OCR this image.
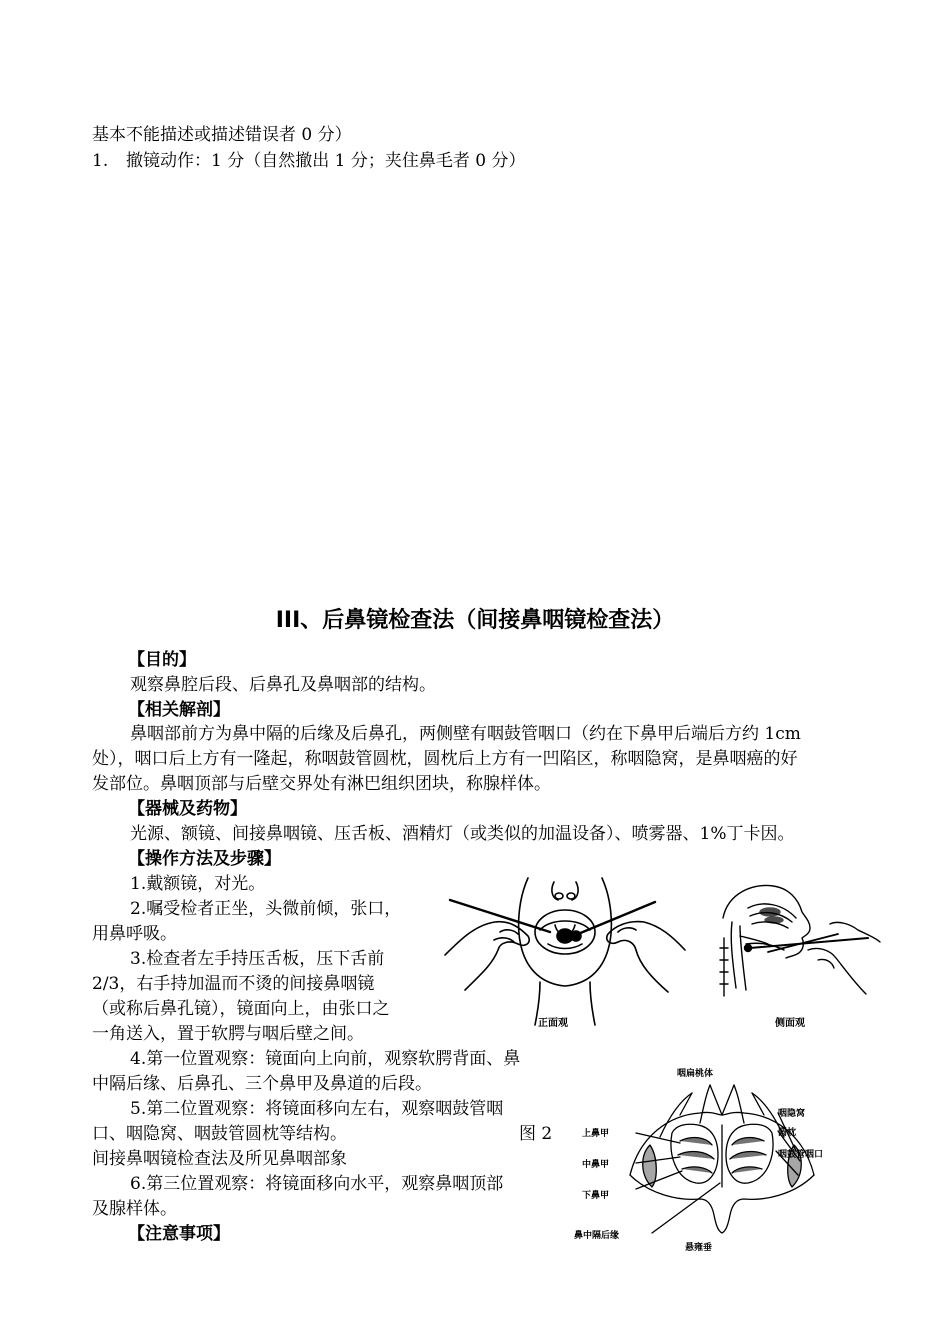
基本不能描述或描述错误者 0 分）
1. 撤镜动作：1 分（自然撤出 1 分；夹住鼻毛者 0 分）
III、后鼻镜检查法（间接鼻咽镜检查法）
【目的】
观察鼻腔后段、后鼻孔及鼻咽部的结构。
【相关解剖】
鼻咽部前方为鼻中隔的后缘及后鼻孔，两侧壁有咽鼓管咽口（约在下鼻甲后端后方约 1cm
处），咽口后上方有一隆起，称咽鼓管圆枕，圆枕后上方有一凹陷区，称咽隐窝，是鼻咽癌的好
发部位。鼻咽顶部与后壁交界处有淋巴组织团块，称腺样体。
【器械及药物】
光源、额镜、间接鼻咽镜、压舌板、酒精灯（或类似的加温设备）、喷雾器、1%丁卡因。
【操作方法及步骤】
1.戴额镜，对光。
2.嘱受检者正坐，头微前倾，张口，
用鼻呼吸。
3.检查者左手持压舌板，压下舌前
2/3，右手持加温而不烫的间接鼻咽镜
（或称后鼻孔镜），镜面向上，由张口之
一角送入，置于软腭与咽后壁之间。
4.第一位置观察：镜面向上向前，观察软腭背面、鼻
中隔后缘、后鼻孔、三个鼻甲及鼻道的后段。
5.第二位置观察：将镜面移向左右，观察咽鼓管咽
口、咽隐窝、咽鼓管圆枕等结构。	图 2
间接鼻咽镜检查法及所见鼻咽部象
6.第三位置观察：将镜面移向水平，观察鼻咽顶部
及腺样体。
【注意事项】
正面观	侧面观
咽扁桃体
上鼻甲
中鼻甲
下鼻甲
鼻中隔后缘
悬雍垂
咽隐窝
圆枕
咽鼓管咽口
